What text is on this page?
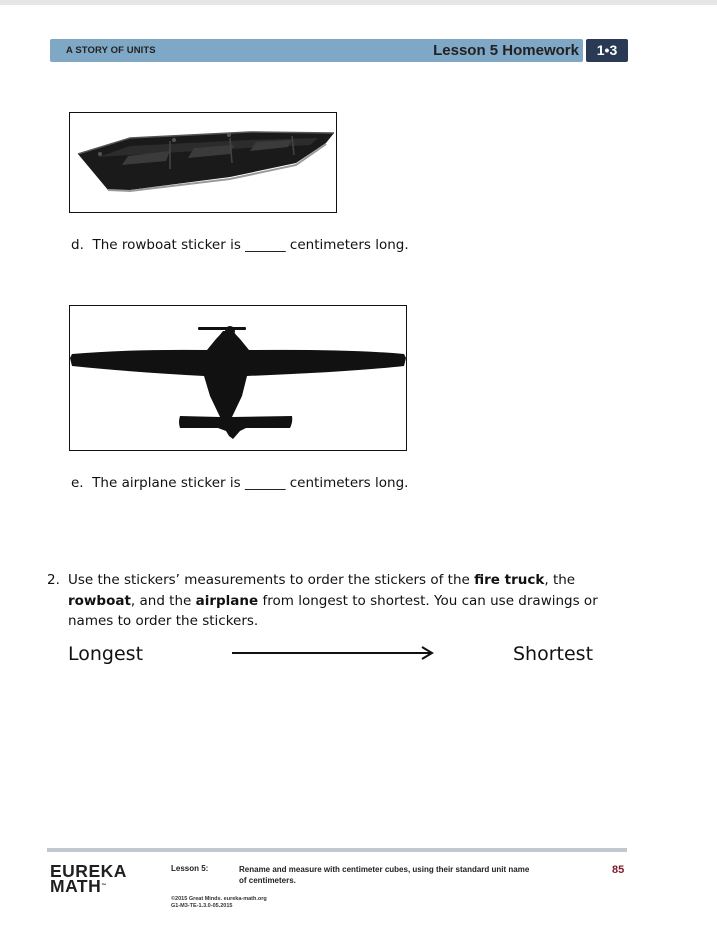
A STORY OF UNITS	Lesson 5 Homework	1•3
d.  The rowboat sticker is ______ centimeters long.
e.  The airplane sticker is ______ centimeters long.
2. Use the stickers’ measurements to order the stickers of the fire truck, the
rowboat, and the airplane from longest to shortest. You can use drawings or names to order the stickers.
Longest	Shortest
EUREKA
MATH™
Lesson 5:	Rename and measure with centimeter cubes, using their standard unit name of centimeters.
85
©2015 Great Minds. eureka-math.org
G1-M3-TE-1.3.0-05.2015
